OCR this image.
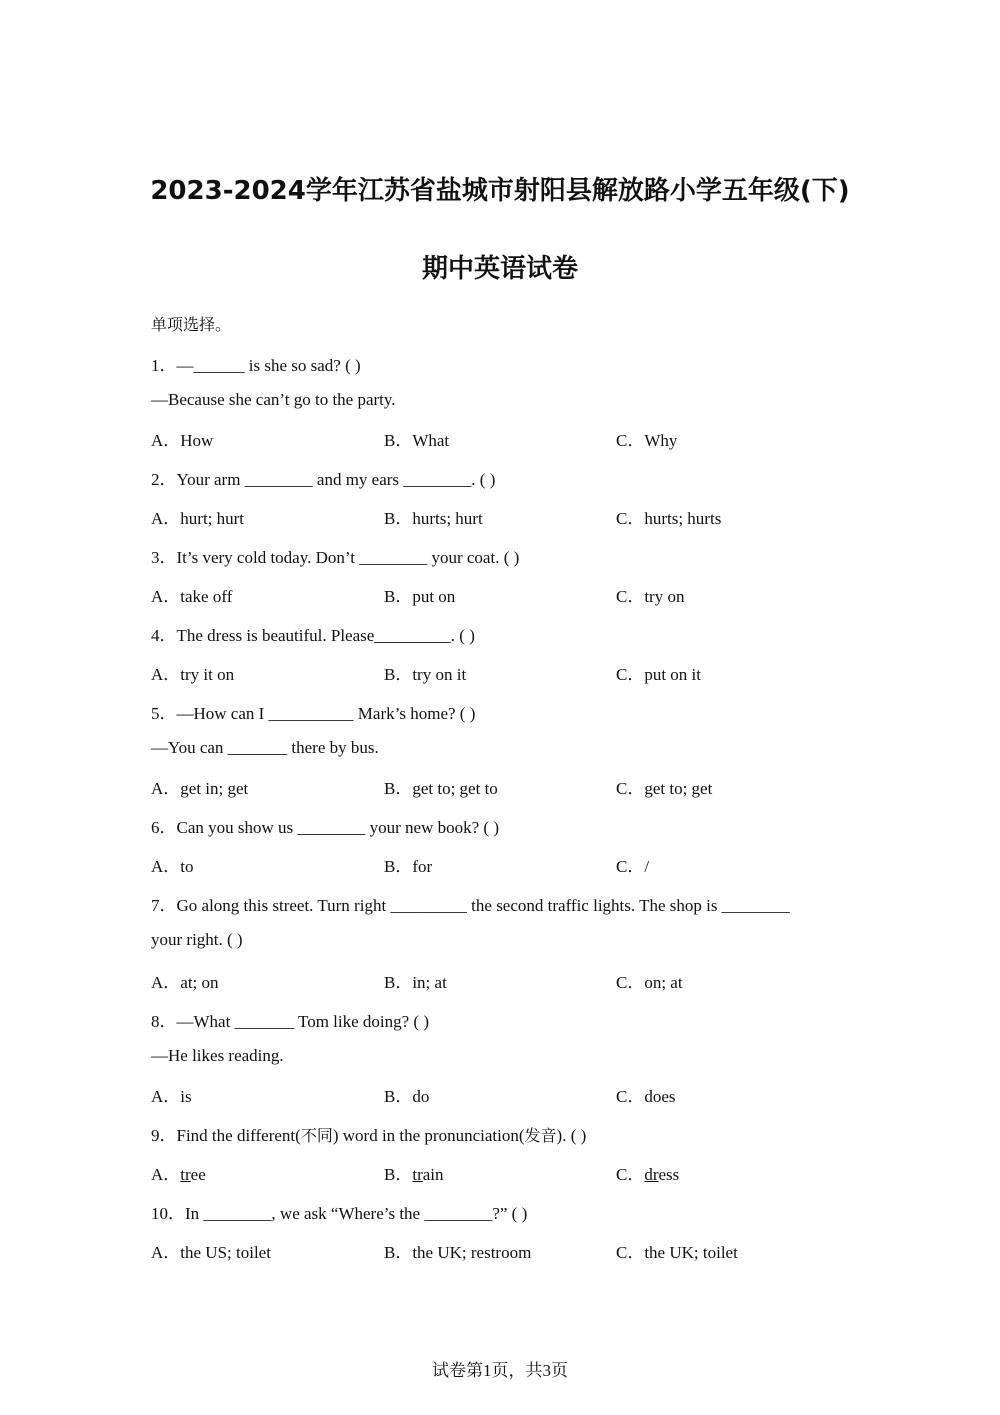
2023-2024学年江苏省盐城市射阳县解放路小学五年级(下)
期中英语试卷
单项选择。
1．—______ is she so sad? ( )
—Because she can’t go to the party.
A．How	B．What	C．Why
2．Your arm ________ and my ears ________. ( )
A．hurt; hurt	B．hurts; hurt	C．hurts; hurts
3．It’s very cold today. Don’t ________ your coat. ( )
A．take off	B．put on	C．try on
4．The dress is beautiful. Please_________. ( )
A．try it on	B．try on it	C．put on it
5．—How can I __________ Mark’s home? ( )
—You can _______ there by bus.
A．get in; get	B．get to; get to	C．get to; get
6．Can you show us ________ your new book? ( )
A．to	B．for	C．/
7．Go along this street. Turn right _________ the second traffic lights. The shop is ________
your right. ( )
A．at; on	B．in; at	C．on; at
8．—What _______ Tom like doing? ( )
—He likes reading.
A．is	B．do	C．does
9．Find the different(不同) word in the pronunciation(发音). ( )
A．tree	B．train	C．dress
10．In ________, we ask “Where’s the ________?” ( )
A．the US; toilet	B．the UK; restroom	C．the UK; toilet
试卷第1页，共3页
